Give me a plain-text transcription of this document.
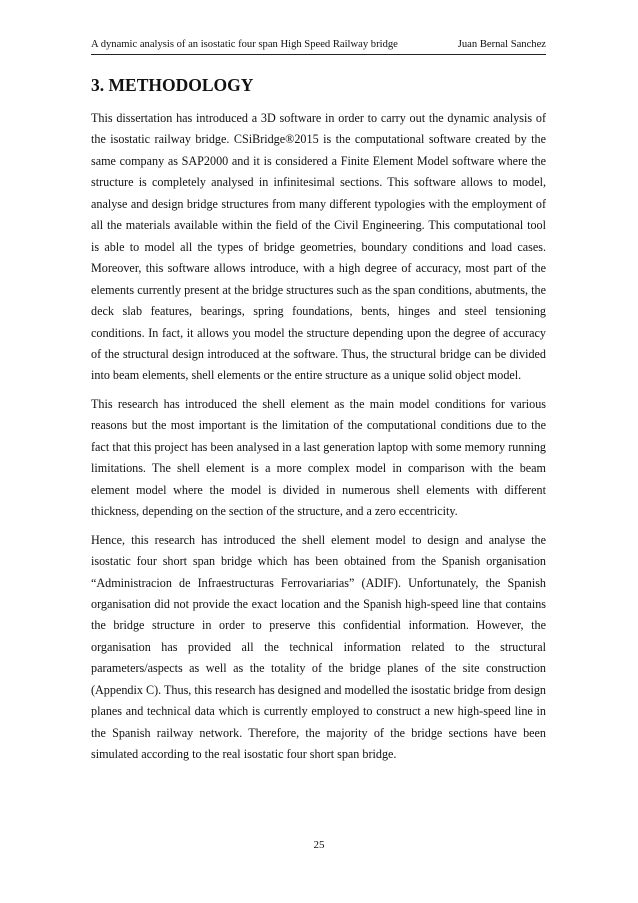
A dynamic analysis of an isostatic four span High Speed Railway bridge	Juan Bernal Sanchez
3. METHODOLOGY

This dissertation has introduced a 3D software in order to carry out the dynamic analysis of the isostatic railway bridge. CSiBridge®2015 is the computational software created by the same company as SAP2000 and it is considered a Finite Element Model software where the structure is completely analysed in infinitesimal sections. This software allows to model, analyse and design bridge structures from many different typologies with the employment of all the materials available within the field of the Civil Engineering. This computational tool is able to model all the types of bridge geometries, boundary conditions and load cases. Moreover, this software allows introduce, with a high degree of accuracy, most part of the elements currently present at the bridge structures such as the span conditions, abutments, the deck slab features, bearings, spring foundations, bents, hinges and steel tensioning conditions. In fact, it allows you model the structure depending upon the degree of accuracy of the structural design introduced at the software. Thus, the structural bridge can be divided into beam elements, shell elements or the entire structure as a unique solid object model.

This research has introduced the shell element as the main model conditions for various reasons but the most important is the limitation of the computational conditions due to the fact that this project has been analysed in a last generation laptop with some memory running limitations. The shell element is a more complex model in comparison with the beam element model where the model is divided in numerous shell elements with different thickness, depending on the section of the structure, and a zero eccentricity.

Hence, this research has introduced the shell element model to design and analyse the isostatic four short span bridge which has been obtained from the Spanish organisation “Administracion de Infraestructuras Ferrovariarias” (ADIF). Unfortunately, the Spanish organisation did not provide the exact location and the Spanish high-speed line that contains the bridge structure in order to preserve this confidential information. However, the organisation has provided all the technical information related to the structural parameters/aspects as well as the totality of the bridge planes of the site construction (Appendix C). Thus, this research has designed and modelled the isostatic bridge from design planes and technical data which is currently employed to construct a new high-speed line in the Spanish railway network. Therefore, the majority of the bridge sections have been simulated according to the real isostatic four short span bridge.

25
